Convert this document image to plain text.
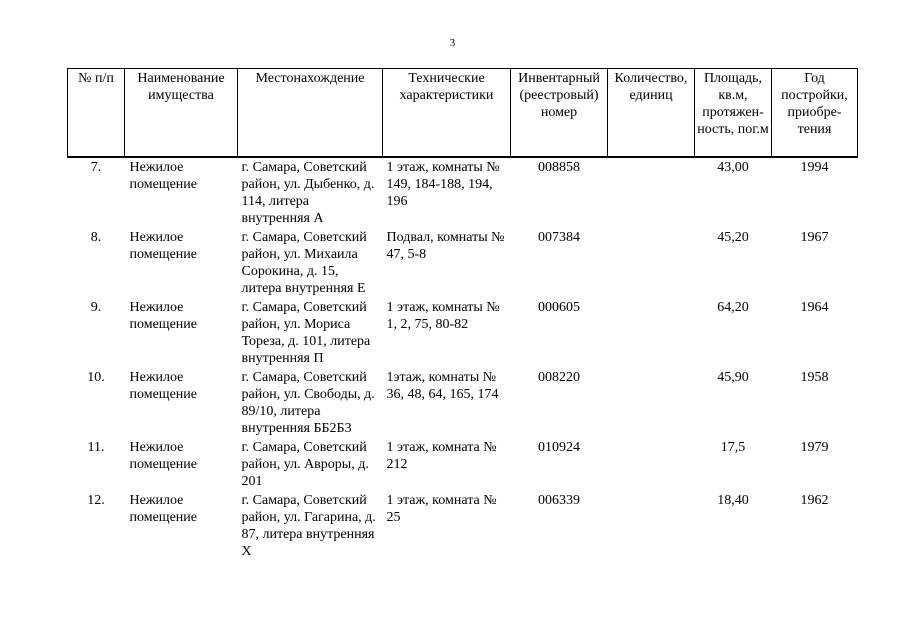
3
№ п/п	Наименование имущества	Местонахождение	Технические характеристики	Инвентарный (реестровый) номер	Количество, единиц	Площадь, кв.м, протяжен-ность, пог.м	Год постройки, приобре-тения
7.	Нежилое помещение	г. Самара, Советский район, ул. Дыбенко, д. 114, литера внутренняя А	1 этаж, комнаты № 149, 184-188, 194, 196	008858		43,00	1994
8.	Нежилое помещение	г. Самара, Советский район, ул. Михаила Сорокина, д. 15, литера внутренняя Е	Подвал, комнаты № 47, 5-8	007384		45,20	1967
9.	Нежилое помещение	г. Самара, Советский район, ул. Мориса Тореза, д. 101, литера внутренняя П	1 этаж, комнаты № 1, 2, 75, 80-82	000605		64,20	1964
10.	Нежилое помещение	г. Самара, Советский район, ул. Свободы, д. 89/10, литера внутренняя ББ2Б3	1этаж, комнаты № 36, 48, 64, 165, 174	008220		45,90	1958
11.	Нежилое помещение	г. Самара, Советский район, ул. Авроры, д. 201	1 этаж, комната № 212	010924		17,5	1979
12.	Нежилое помещение	г. Самара, Советский район, ул. Гагарина, д. 87, литера внутренняя Х	1 этаж, комната № 25	006339		18,40	1962
